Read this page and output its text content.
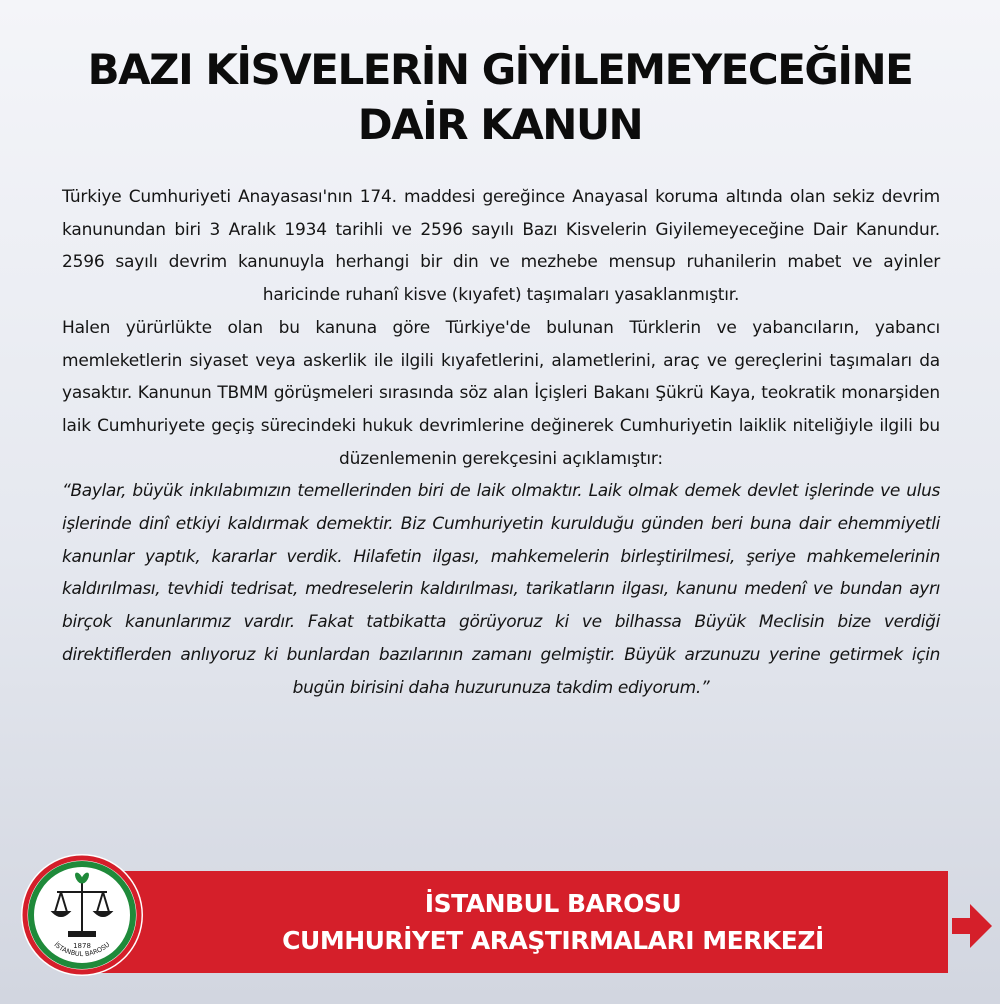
BAZI KİSVELERİN GİYİLEMEYECEĞİNE
DAİR KANUN

Türkiye Cumhuriyeti Anayasası'nın 174. maddesi gereğince Anayasal koruma altında olan sekiz devrim kanunundan biri 3 Aralık 1934 tarihli ve 2596 sayılı Bazı Kisvelerin Giyilemeyeceğine Dair Kanundur. 2596 sayılı devrim kanunuyla herhangi bir din ve mezhebe mensup ruhanilerin mabet ve ayinler haricinde ruhanî kisve (kıyafet) taşımaları yasaklanmıştır.

Halen yürürlükte olan bu kanuna göre Türkiye'de bulunan Türklerin ve yabancıların, yabancı memleketlerin siyaset veya askerlik ile ilgili kıyafetlerini, alametlerini, araç ve gereçlerini taşımaları da yasaktır. Kanunun TBMM görüşmeleri sırasında söz alan İçişleri Bakanı Şükrü Kaya, teokratik monarşiden laik Cumhuriyete geçiş sürecindeki hukuk devrimlerine değinerek Cumhuriyetin laiklik niteliğiyle ilgili bu düzenlemenin gerekçesini açıklamıştır:

“Baylar, büyük inkılabımızın temellerinden biri de laik olmaktır. Laik olmak demek devlet işlerinde ve ulus işlerinde dinî etkiyi kaldırmak demektir. Biz Cumhuriyetin kurulduğu günden beri buna dair ehemmiyetli kanunlar yaptık, kararlar verdik. Hilafetin ilgası, mahkemelerin birleştirilmesi, şeriye mahkemelerinin kaldırılması, tevhidi tedrisat, medreselerin kaldırılması, tarikatların ilgası, kanunu medenî ve bundan ayrı birçok kanunlarımız vardır. Fakat tatbikatta görüyoruz ki ve bilhassa Büyük Meclisin bize verdiği direktiflerden anlıyoruz ki bunlardan bazılarının zamanı gelmiştir. Büyük arzunuzu yerine getirmek için bugün birisini daha huzurunuza takdim ediyorum.”

İSTANBUL BAROSU
CUMHURİYET ARAŞTIRMALARI MERKEZİ
1878
İSTANBUL BAROSU
